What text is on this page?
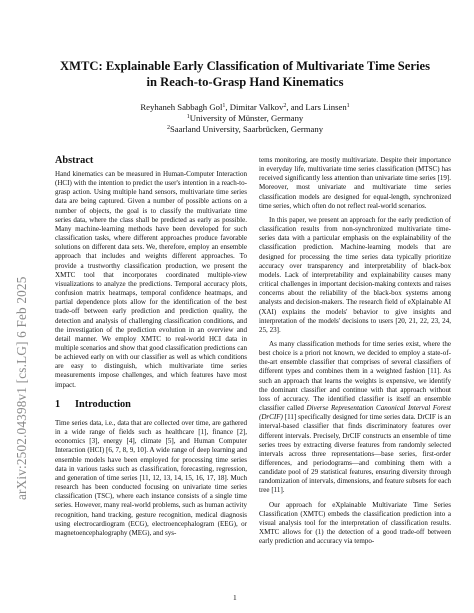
arXiv:2502.04398v1 [cs.LG] 6 Feb 2025
XMTC: Explainable Early Classification of Multivariate Time Series
in Reach-to-Grasp Hand Kinematics
Reyhaneh Sabbagh Gol$^1$, Dimitar Valkov$^2$, and Lars Linsen$^1$
$^1$University of Münster, Germany
$^2$Saarland University, Saarbrücken, Germany
Abstract

Hand kinematics can be measured in Human-Computer Interaction (HCI) with the intention to predict the user's intention in a reach-to-grasp action. Using multiple hand sensors, multivariate time series data are being captured. Given a number of possible actions on a number of objects, the goal is to classify the multivariate time series data, where the class shall be predicted as early as possible. Many machine-learning methods have been developed for such classification tasks, where different approaches produce favorable solutions on different data sets. We, therefore, employ an ensemble approach that includes and weights different approaches. To provide a trustworthy classification production, we present the XMTC tool that incorporates coordinated multiple-view visualizations to analyze the predictions. Temporal accuracy plots, confusion matrix heatmaps, temporal confidence heatmaps, and partial dependence plots allow for the identification of the best trade-off between early prediction and prediction quality, the detection and analysis of challenging classification conditions, and the investigation of the prediction evolution in an overview and detail manner. We employ XMTC to real-world HCI data in multiple scenarios and show that good classification predictions can be achieved early on with our classifier as well as which conditions are easy to distinguish, which multivariate time series measurements impose challenges, and which features have most impact.

1 Introduction

Time series data, i.e., data that are collected over time, are gathered in a wide range of fields such as healthcare [1], finance [2], economics [3], energy [4], climate [5], and Human Computer Interaction (HCI) [6, 7, 8, 9, 10]. A wide range of deep learning and ensemble models have been employed for processing time series data in various tasks such as classification, forecasting, regression, and generation of time series [11, 12, 13, 14, 15, 16, 17, 18]. Much research has been conducted focusing on univariate time series classification (TSC), where each instance consists of a single time series. However, many real-world problems, such as human activity recognition, hand tracking, gesture recognition, medical diagnosis using electrocardiogram (ECG), electroencephalogram (EEG), or magnetoencephalography (MEG), and sys-

tems monitoring, are mostly multivariate. Despite their importance in everyday life, multivariate time series classification (MTSC) has received significantly less attention than univariate time series [19]. Moreover, most univariate and multivariate time series classification models are designed for equal-length, synchronized time series, which often do not reflect real-world scenarios.

In this paper, we present an approach for the early prediction of classification results from non-synchronized multivariate time-series data with a particular emphasis on the explainability of the classification prediction. Machine-learning models that are designed for processing the time series data typically prioritize accuracy over transparency and interpretability of black-box models. Lack of interpretability and explainability causes many critical challenges in important decision-making contexts and raises concerns about the reliability of the black-box systems among analysts and decision-makers. The research field of eXplainable AI (XAI) explains the models' behavior to give insights and interpretation of the models' decisions to users [20, 21, 22, 23, 24, 25, 23].

As many classification methods for time series exist, where the best choice is a priori not known, we decided to employ a state-of-the-art ensemble classifier that comprises of several classifiers of different types and combines them in a weighted fashion [11]. As such an approach that learns the weights is expensive, we identify the dominant classifier and continue with that approach without loss of accuracy. The identified classifier is itself an ensemble classifier called Diverse Representation Canonical Interval Forest (DrCIF) [11] specifically designed for time series data. DrCIF is an interval-based classifier that finds discriminatory features over different intervals. Precisely, DrCIF constructs an ensemble of time series trees by extracting diverse features from randomly selected intervals across three representations—base series, first-order differences, and periodograms—and combining them with a candidate pool of 29 statistical features, ensuring diversity through randomization of intervals, dimensions, and feature subsets for each tree [11].

Our approach for eXplainable Multivariate Time Series Classification (XMTC) embeds the classification prediction into a visual analysis tool for the interpretation of classification results. XMTC allows for (1) the detection of a good trade-off between early prediction and accuracy via tempo-

1
